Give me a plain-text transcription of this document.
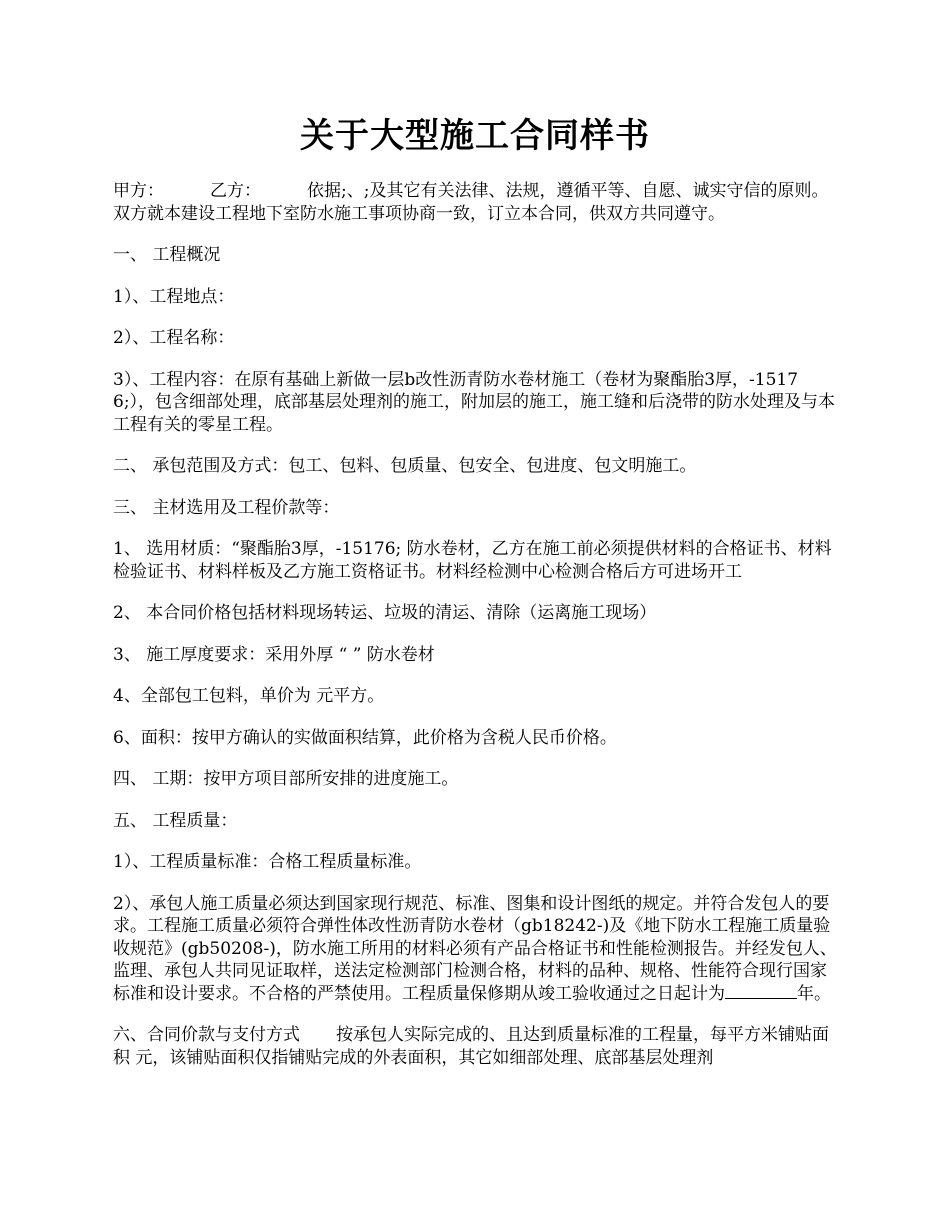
关于大型施工合同样书

甲方：	乙方：	依据;、;及其它有关法律、法规，遵循平等、自愿、诚实守信的原则。双方就本建设工程地下室防水施工事项协商一致，订立本合同，供双方共同遵守。

一、 工程概况

1）、工程地点：

2）、工程名称：

3）、工程内容：在原有基础上新做一层b改性沥青防水卷材施工（卷材为聚酯胎3厚，-15176;），包含细部处理，底部基层处理剂的施工，附加层的施工，施工缝和后浇带的防水处理及与本工程有关的零星工程。

二、 承包范围及方式：包工、包料、包质量、包安全、包进度、包文明施工。

三、 主材选用及工程价款等：

1、 选用材质：“聚酯胎3厚，-15176; 防水卷材，乙方在施工前必须提供材料的合格证书、材料检验证书、材料样板及乙方施工资格证书。材料经检测中心检测合格后方可进场开工

2、 本合同价格包括材料现场转运、垃圾的清运、清除（运离施工现场）

3、 施工厚度要求：采用外厚 “ ” 防水卷材

4、全部包工包料，单价为 元平方。

6、面积：按甲方确认的实做面积结算，此价格为含税人民币价格。

四、 工期：按甲方项目部所安排的进度施工。

五、 工程质量：

1）、工程质量标准：合格工程质量标准。

2）、承包人施工质量必须达到国家现行规范、标准、图集和设计图纸的规定。并符合发包人的要求。工程施工质量必须符合弹性体改性沥青防水卷材（gb18242-)及《地下防水工程施工质量验收规范》(gb50208-)，防水施工所用的材料必须有产品合格证书和性能检测报告。并经发包人、监理、承包人共同见证取样，送法定检测部门检测合格，材料的品种、规格、性能符合现行国家标准和设计要求。不合格的严禁使用。工程质量保修期从竣工验收通过之日起计为	年。

六、合同价款与支付方式 按承包人实际完成的、且达到质量标准的工程量，每平方米铺贴面积 元，该铺贴面积仅指铺贴完成的外表面积，其它如细部处理、底部基层处理剂
